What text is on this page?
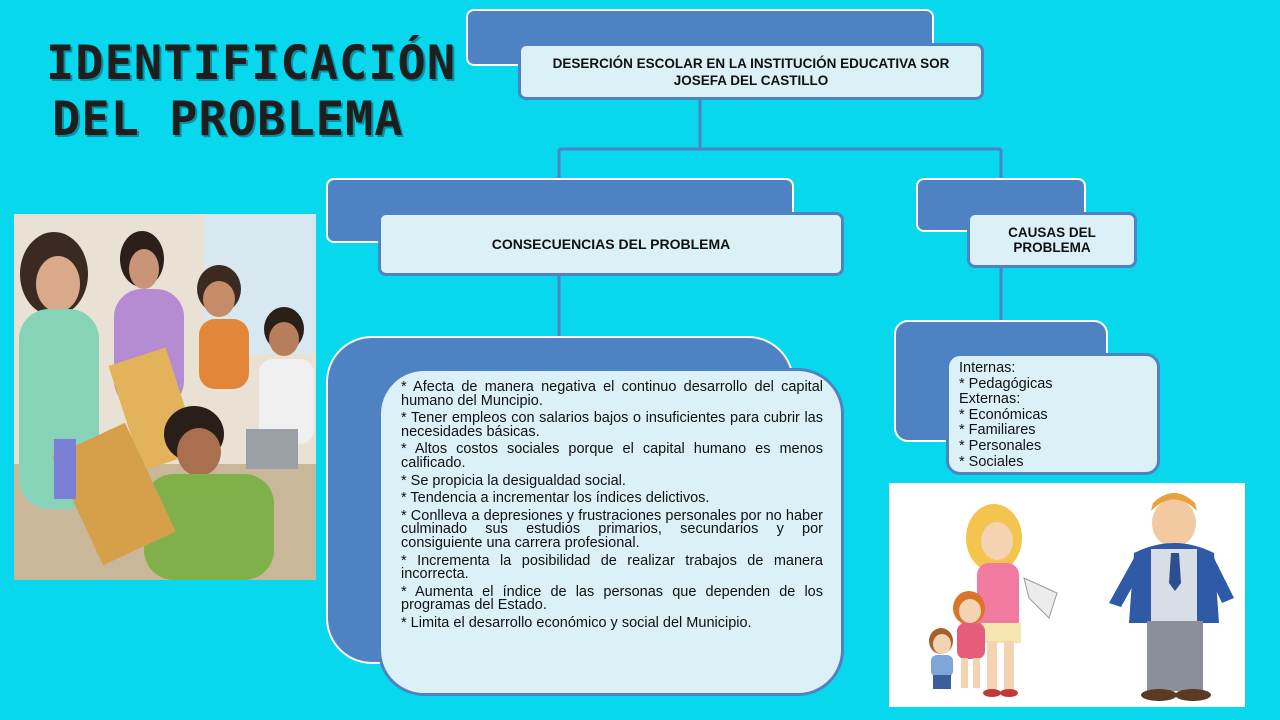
IDENTIFICACIÓN
DEL PROBLEMA
DESERCIÓN ESCOLAR EN LA INSTITUCIÓN EDUCATIVA SOR JOSEFA DEL CASTILLO
CONSECUENCIAS DEL PROBLEMA
CAUSAS DEL PROBLEMA
Internas:
* Pedagógicas
Externas:
* Económicas
* Familiares
* Personales
* Sociales

* Afecta de manera negativa el continuo desarrollo del capital humano del Muncipio.

* Tener empleos con salarios bajos o insuficientes para cubrir las necesidades básicas.

* Altos costos sociales porque el capital humano es menos calificado.

* Se propicia la desigualdad social.

* Tendencia a incrementar los índices delictivos.

* Conlleva a depresiones y frustraciones personales por no haber culminado sus estudios primarios, secundarios y por consiguiente una carrera profesional.

* Incrementa la posibilidad de realizar trabajos de manera incorrecta.

* Aumenta el índice de las personas que dependen de los programas del Estado.

* Limita el desarrollo económico y social del Municipio.
